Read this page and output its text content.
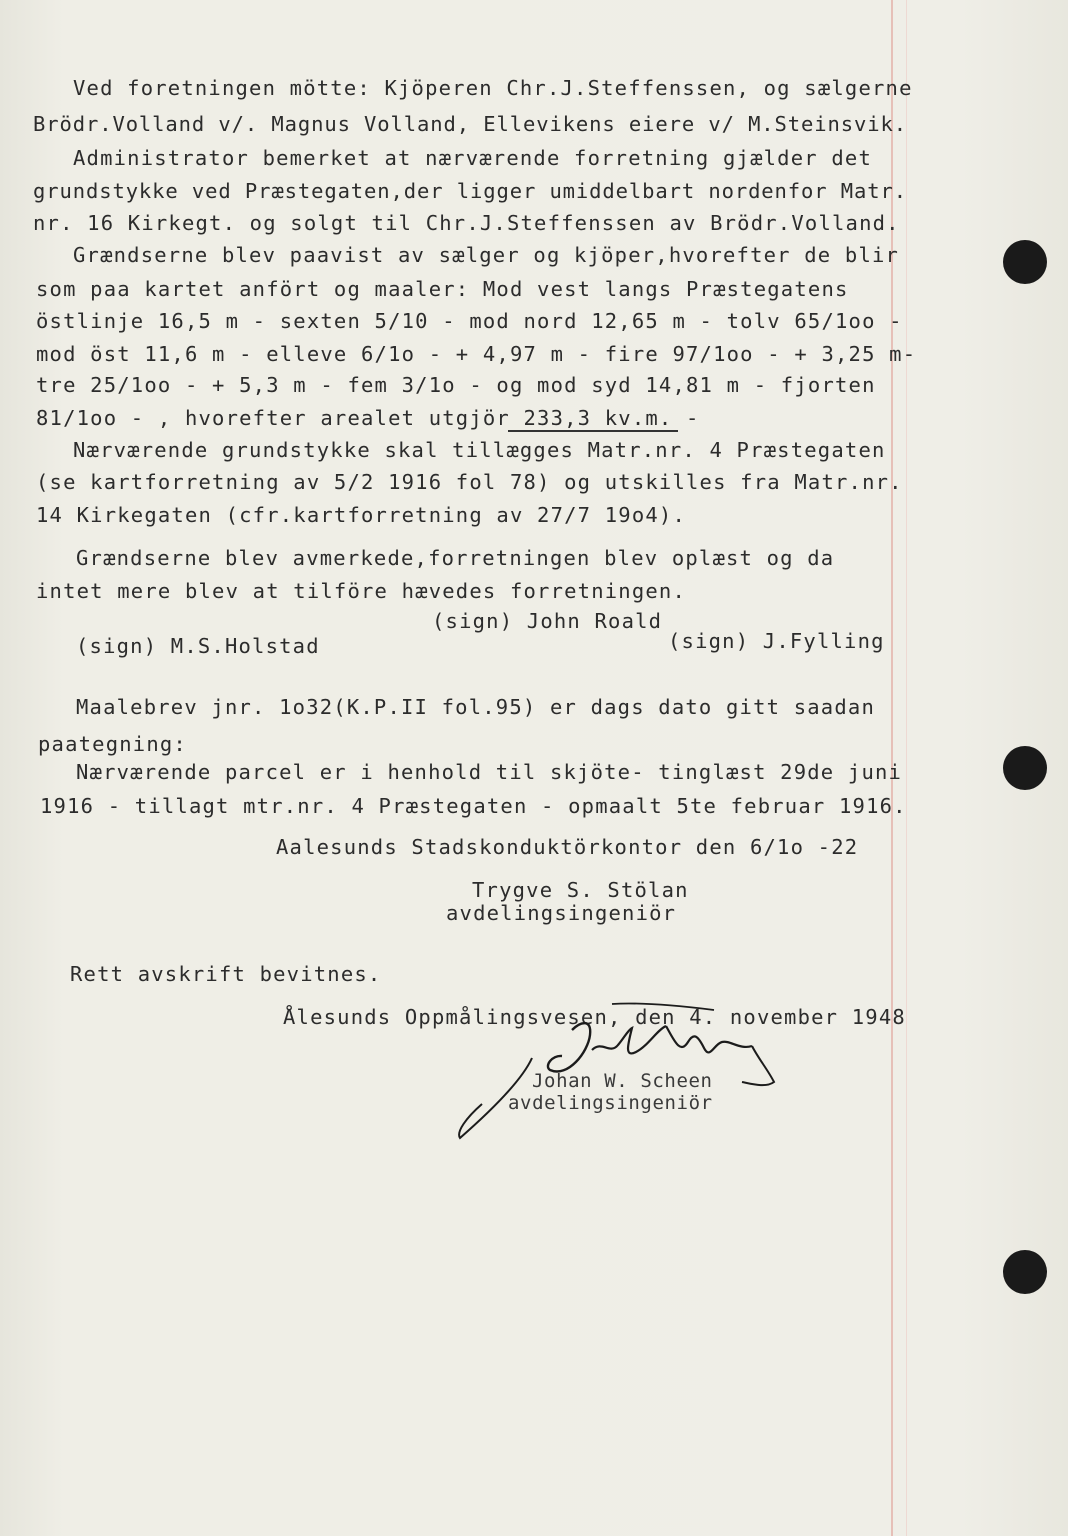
Ved foretningen mötte: Kjöperen Chr.J.Steffenssen, og sælgerne
Brödr.Volland v/. Magnus Volland, Ellevikens eiere v/ M.Steinsvik.
Administrator bemerket at nærværende forretning gjælder det
grundstykke ved Præstegaten,der ligger umiddelbart nordenfor Matr.
nr. 16 Kirkegt. og solgt til Chr.J.Steffenssen av Brödr.Volland.
Grændserne blev paavist av sælger og kjöper,hvorefter de blir
som paa kartet anfört og maaler: Mod vest langs Præstegatens
östlinje 16,5 m - sexten 5/10 - mod nord 12,65 m - tolv 65/1oo -
mod öst 11,6 m - elleve 6/1o - + 4,97 m - fire 97/1oo - + 3,25 m-
tre 25/1oo - + 5,3 m - fem 3/1o - og mod syd 14,81 m - fjorten
81/1oo - , hvorefter arealet utgjör 233,3 kv.m. -
Nærværende grundstykke skal tillægges Matr.nr. 4 Præstegaten
(se kartforretning av 5/2 1916 fol 78) og utskilles fra Matr.nr.
14 Kirkegaten (cfr.kartforretning av 27/7 19o4).
Grændserne blev avmerkede,forretningen blev oplæst og da
intet mere blev at tilföre hævedes forretningen.
(sign) John Roald
(sign) M.S.Holstad	(sign) J.Fylling
Maalebrev jnr. 1o32(K.P.II fol.95) er dags dato gitt saadan
paategning:
Nærværende parcel er i henhold til skjöte- tinglæst 29de juni
1916 - tillagt mtr.nr. 4 Præstegaten - opmaalt 5te februar 1916.
Aalesunds Stadskonduktörkontor den 6/1o -22
Trygve S. Stölan
avdelingsingeniör
Rett avskrift bevitnes.
Ålesunds Oppmålingsvesen, den 4. november 1948
Johan W. Scheen
avdelingsingeniör
